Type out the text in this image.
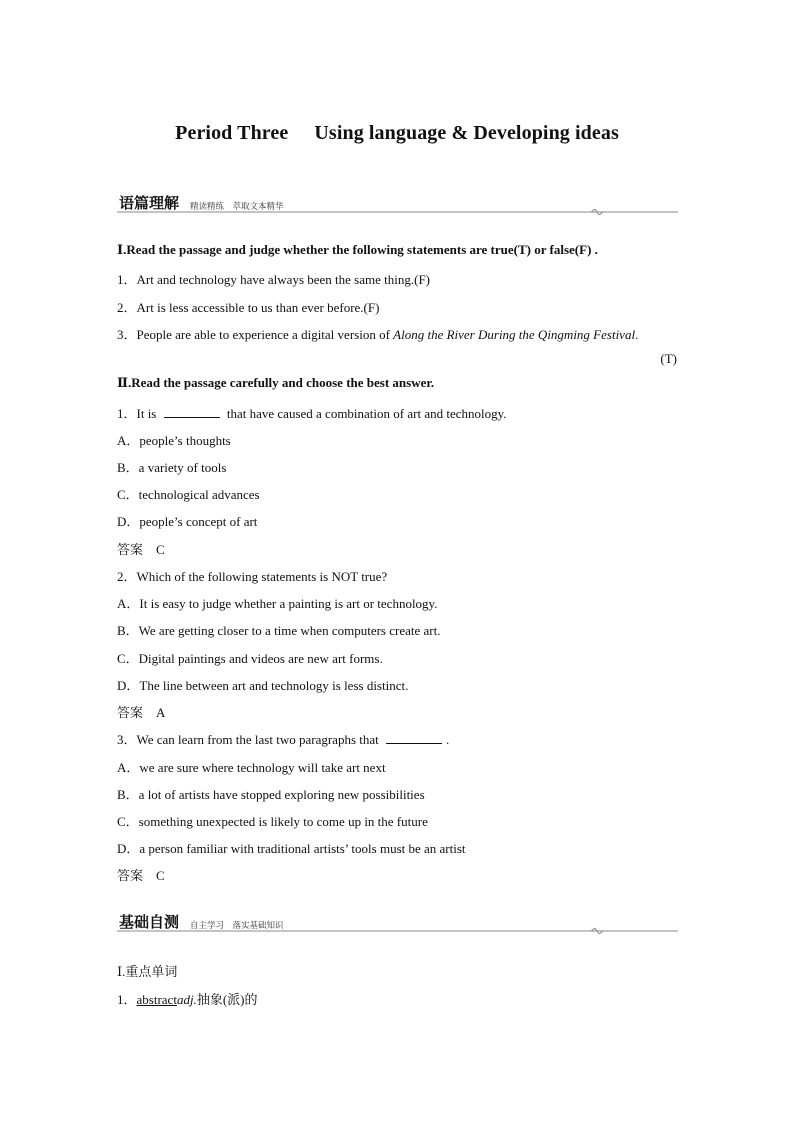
Period Three Using language & Developing ideas
语篇理解 精读精练　萃取文本精华
Ⅰ.Read the passage and judge whether the following statements are true(T) or false(F) .
1．Art and technology have always been the same thing.(F)
2．Art is less accessible to us than ever before.(F)
3．People are able to experience a digital version of Along the River During the Qingming Festival.
(T)
Ⅱ.Read the passage carefully and choose the best answer.
1．It is	that have caused a combination of art and technology.
A．people’s thoughts
B．a variety of tools
C．technological advances
D．people’s concept of art
答案　C
2．Which of the following statements is NOT true?
A．It is easy to judge whether a painting is art or technology.
B．We are getting closer to a time when computers create art.
C．Digital paintings and videos are new art forms.
D．The line between art and technology is less distinct.
答案　A
3．We can learn from the last two paragraphs that	.
A．we are sure where technology will take art next
B．a lot of artists have stopped exploring new possibilities
C．something unexpected is likely to come up in the future
D．a person familiar with traditional artists’ tools must be an artist
答案　C
基础自测 自主学习　落实基础知识
Ⅰ.重点单词
1．abstractadj.抽象(派)的
